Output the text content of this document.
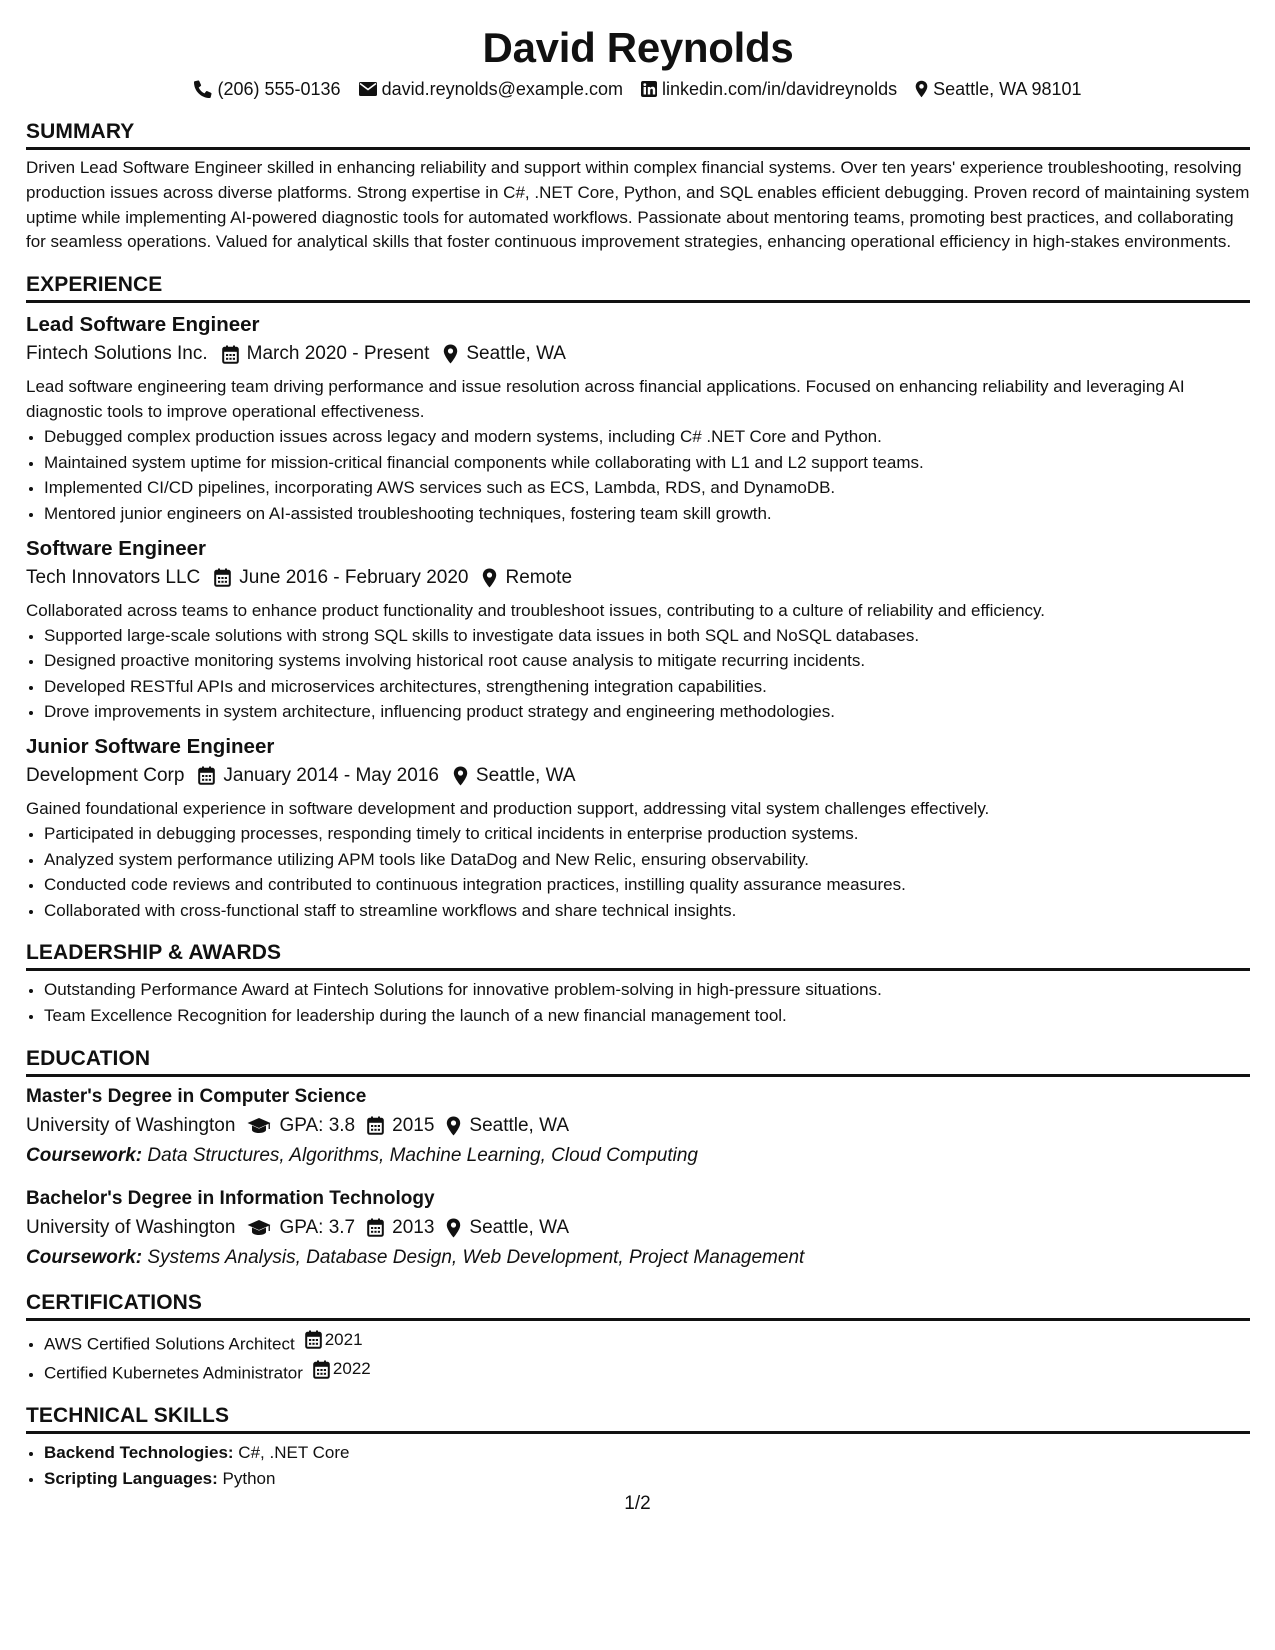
David Reynolds
(206) 555-0136 david.reynolds@example.com linkedin.com/in/davidreynolds Seattle, WA 98101
SUMMARY
Driven Lead Software Engineer skilled in enhancing reliability and support within complex financial systems. Over ten years' experience troubleshooting, resolving production issues across diverse platforms. Strong expertise in C#, .NET Core, Python, and SQL enables efficient debugging. Proven record of maintaining system uptime while implementing AI-powered diagnostic tools for automated workflows. Passionate about mentoring teams, promoting best practices, and collaborating for seamless operations. Valued for analytical skills that foster continuous improvement strategies, enhancing operational efficiency in high-stakes environments.
EXPERIENCE
Lead Software Engineer
Fintech Solutions Inc. March 2020 - Present Seattle, WA
Lead software engineering team driving performance and issue resolution across financial applications. Focused on enhancing reliability and leveraging AI diagnostic tools to improve operational effectiveness.
• Debugged complex production issues across legacy and modern systems, including C# .NET Core and Python.
• Maintained system uptime for mission-critical financial components while collaborating with L1 and L2 support teams.
• Implemented CI/CD pipelines, incorporating AWS services such as ECS, Lambda, RDS, and DynamoDB.
• Mentored junior engineers on AI-assisted troubleshooting techniques, fostering team skill growth.
Software Engineer
Tech Innovators LLC June 2016 - February 2020 Remote
Collaborated across teams to enhance product functionality and troubleshoot issues, contributing to a culture of reliability and efficiency.
• Supported large-scale solutions with strong SQL skills to investigate data issues in both SQL and NoSQL databases.
• Designed proactive monitoring systems involving historical root cause analysis to mitigate recurring incidents.
• Developed RESTful APIs and microservices architectures, strengthening integration capabilities.
• Drove improvements in system architecture, influencing product strategy and engineering methodologies.
Junior Software Engineer
Development Corp January 2014 - May 2016 Seattle, WA
Gained foundational experience in software development and production support, addressing vital system challenges effectively.
• Participated in debugging processes, responding timely to critical incidents in enterprise production systems.
• Analyzed system performance utilizing APM tools like DataDog and New Relic, ensuring observability.
• Conducted code reviews and contributed to continuous integration practices, instilling quality assurance measures.
• Collaborated with cross-functional staff to streamline workflows and share technical insights.
LEADERSHIP & AWARDS
• Outstanding Performance Award at Fintech Solutions for innovative problem-solving in high-pressure situations.
• Team Excellence Recognition for leadership during the launch of a new financial management tool.
EDUCATION
Master's Degree in Computer Science
University of Washington GPA: 3.8 2015 Seattle, WA
Coursework: Data Structures, Algorithms, Machine Learning, Cloud Computing
Bachelor's Degree in Information Technology
University of Washington GPA: 3.7 2013 Seattle, WA
Coursework: Systems Analysis, Database Design, Web Development, Project Management
CERTIFICATIONS
• AWS Certified Solutions Architect 2021
• Certified Kubernetes Administrator 2022
TECHNICAL SKILLS
• Backend Technologies: C#, .NET Core
• Scripting Languages: Python
1/2
